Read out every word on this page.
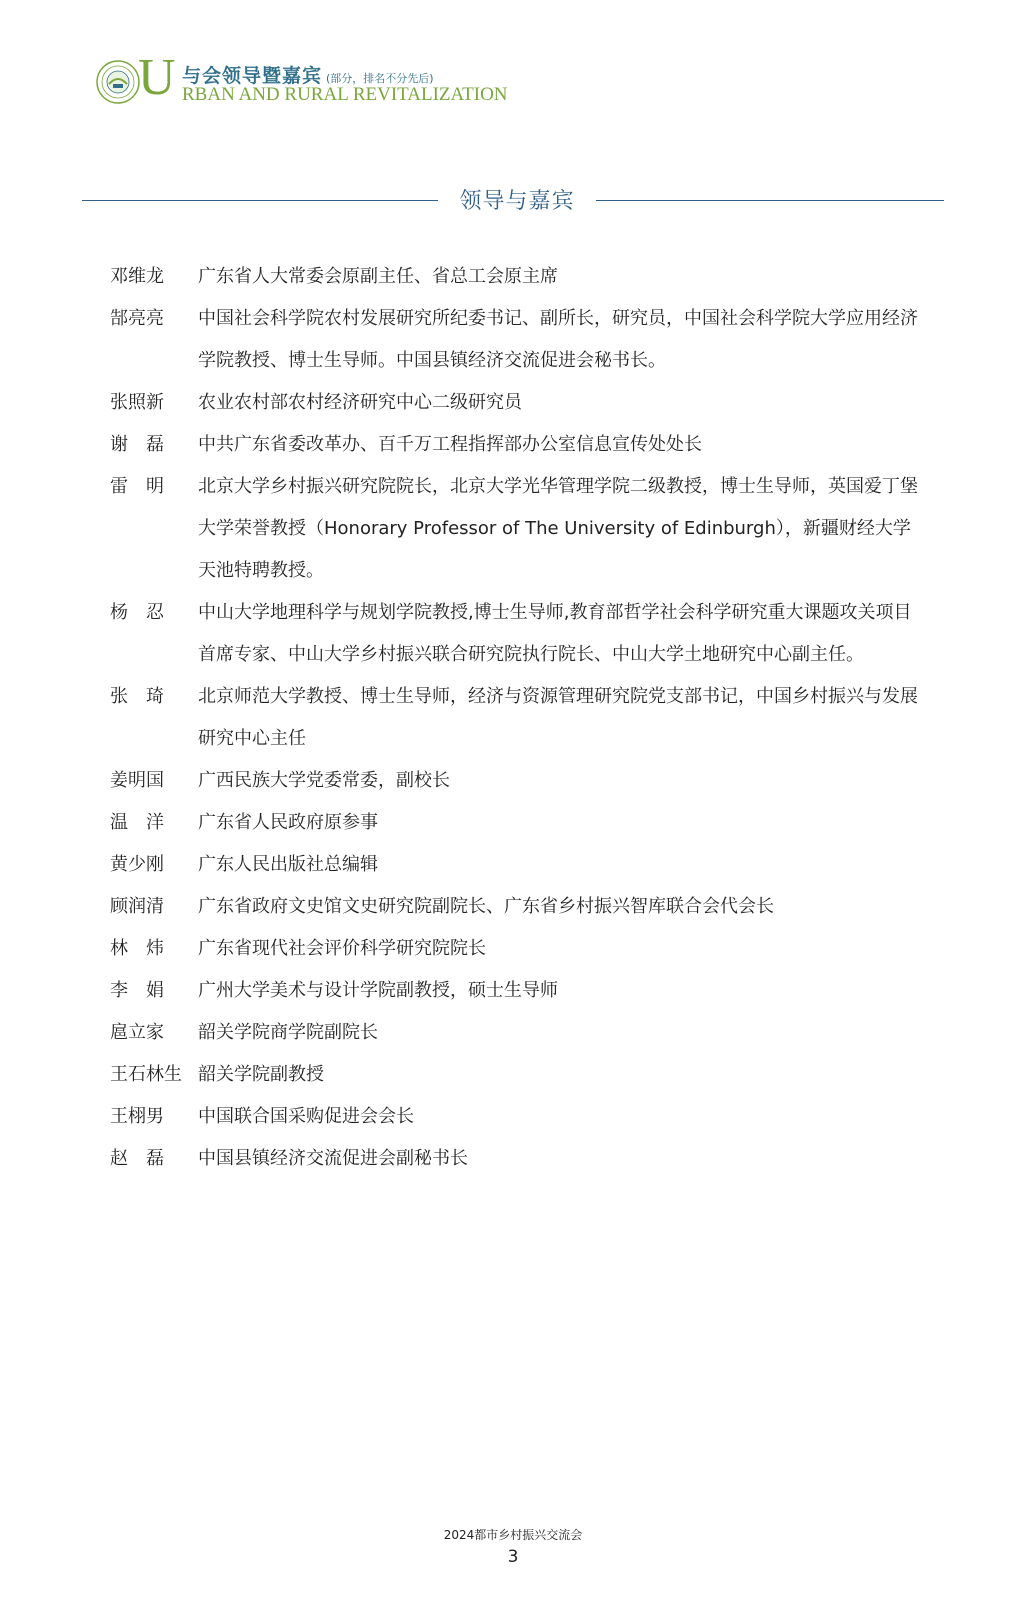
U 与会领导暨嘉宾 (部分，排名不分先后)
RBAN AND RURAL REVITALIZATION
领导与嘉宾
邓维龙	广东省人大常委会原副主任、省总工会原主席
郜亮亮	中国社会科学院农村发展研究所纪委书记、副所长，研究员，中国社会科学院大学应用经济学院教授、博士生导师。中国县镇经济交流促进会秘书长。
张照新	农业农村部农村经济研究中心二级研究员
谢　磊	中共广东省委改革办、百千万工程指挥部办公室信息宣传处处长
雷　明	北京大学乡村振兴研究院院长，北京大学光华管理学院二级教授，博士生导师，英国爱丁堡大学荣誉教授（Honorary Professor of The University of Edinburgh），新疆财经大学天池特聘教授。
杨　忍	中山大学地理科学与规划学院教授,博士生导师,教育部哲学社会科学研究重大课题攻关项目首席专家、中山大学乡村振兴联合研究院执行院长、中山大学土地研究中心副主任。
张　琦	北京师范大学教授、博士生导师，经济与资源管理研究院党支部书记，中国乡村振兴与发展研究中心主任
姜明国	广西民族大学党委常委，副校长
温　洋	广东省人民政府原参事
黄少刚	广东人民出版社总编辑
顾润清	广东省政府文史馆文史研究院副院长、广东省乡村振兴智库联合会代会长
林　炜	广东省现代社会评价科学研究院院长
李　娟	广州大学美术与设计学院副教授，硕士生导师
扈立家	韶关学院商学院副院长
王石林生 韶关学院副教授
王栩男	中国联合国采购促进会会长
赵　磊	中国县镇经济交流促进会副秘书长
2024都市乡村振兴交流会
3
